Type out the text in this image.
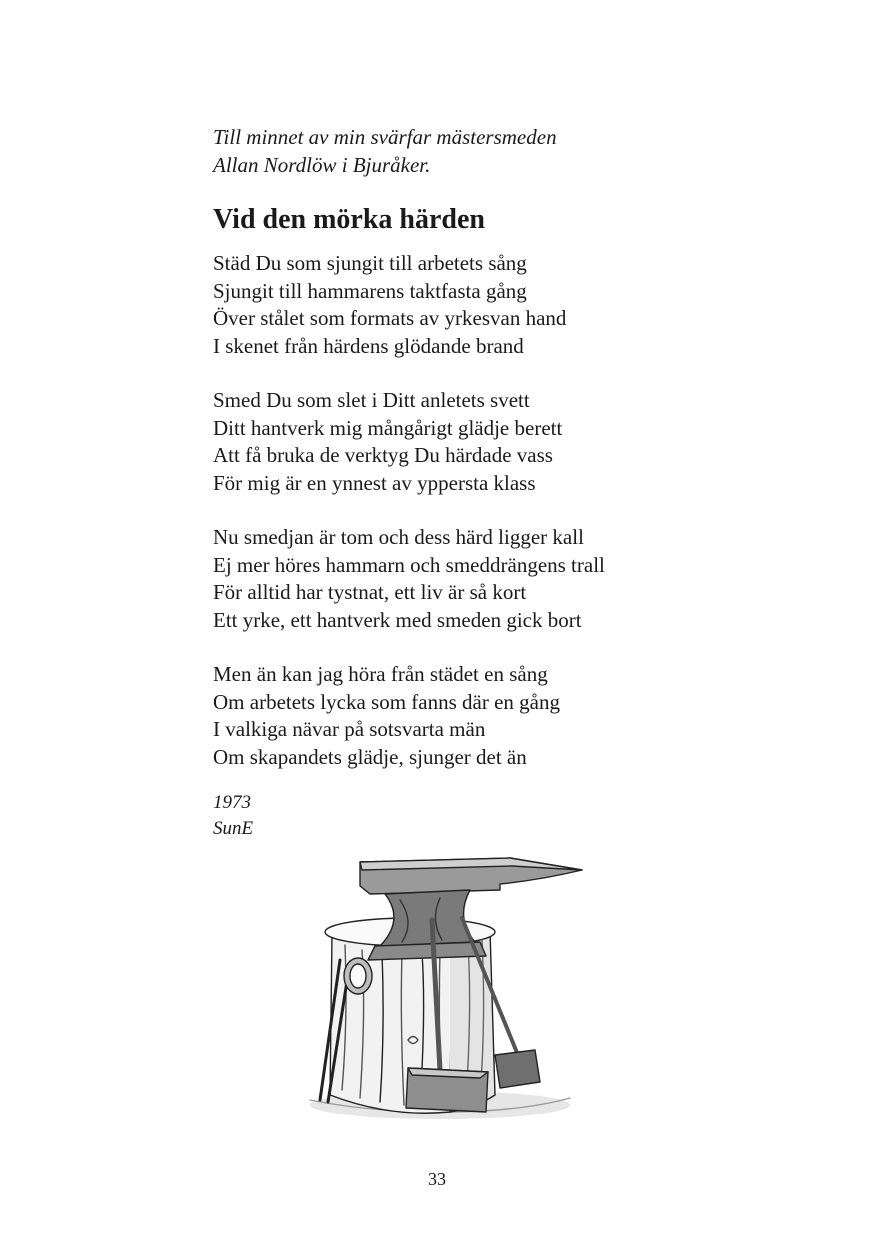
Till minnet av min svärfar mästersmeden
Allan Nordlöw i Bjuråker.
Vid den mörka härden
Städ Du som sjungit till arbetets sång
Sjungit till hammarens taktfasta gång
Över stålet som formats av yrkesvan hand
I skenet från härdens glödande brand
Smed Du som slet i Ditt anletets svett
Ditt hantverk mig mångårigt glädje berett
Att få bruka de verktyg Du härdade vass
För mig är en ynnest av yppersta klass
Nu smedjan är tom och dess härd ligger kall
Ej mer höres hammarn och smeddrängens trall
För alltid har tystnat, ett liv är så kort
Ett yrke, ett hantverk med smeden gick bort
Men än kan jag höra från städet en sång
Om arbetets lycka som fanns där en gång
I valkiga nävar på sotsvarta män
Om skapandets glädje, sjunger det än
1973
SunE
33
